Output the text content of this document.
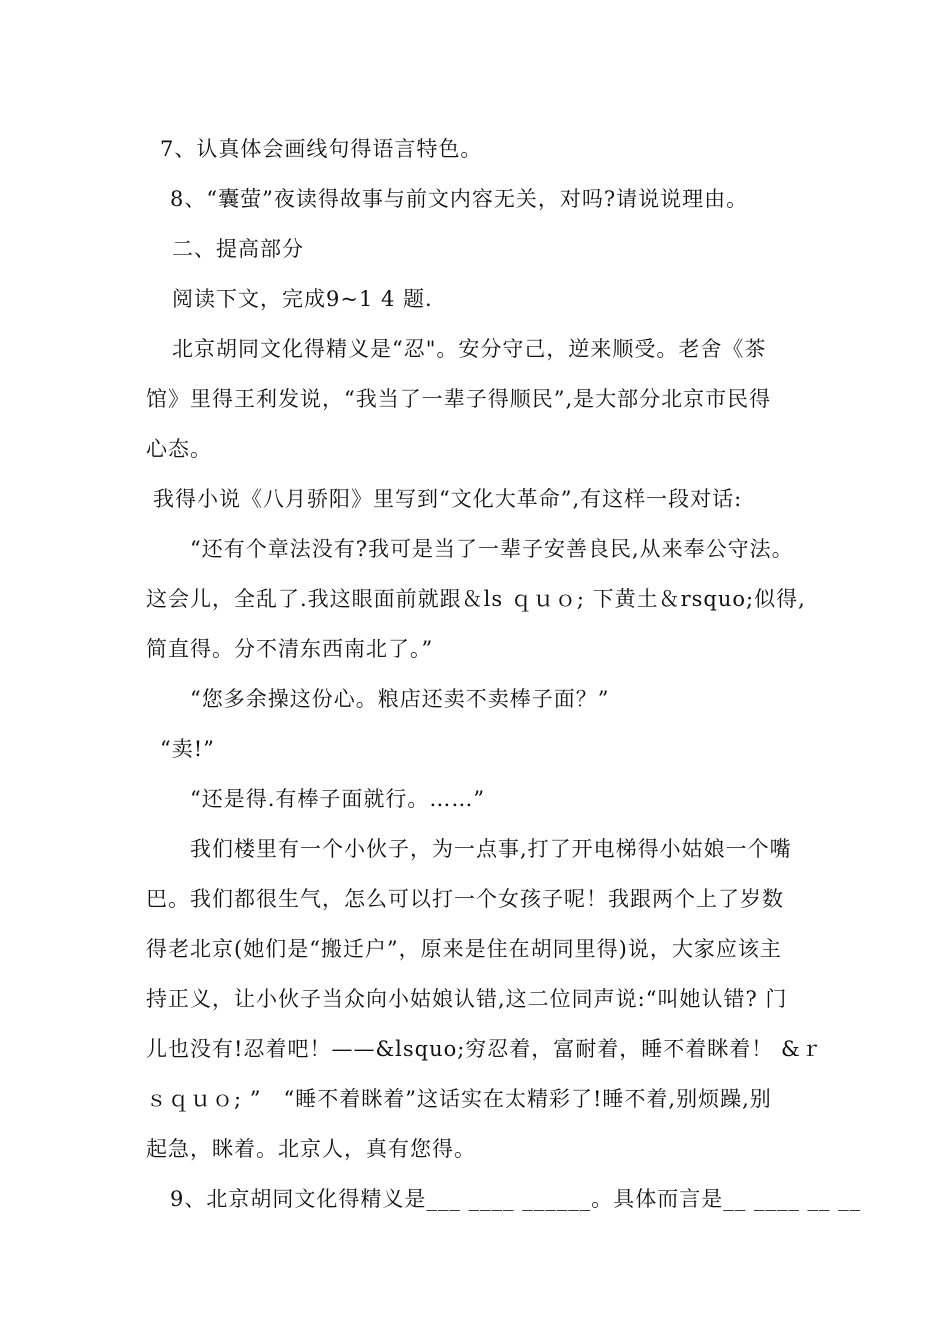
7、认真体会画线句得语言特色。
8、“囊萤”夜读得故事与前文内容无关，对吗?请说说理由。
二、提高部分
阅读下文，完成9~1 4 题.
北京胡同文化得精义是“忍"。安分守己，逆来顺受。老舍《茶
馆》里得王利发说，“我当了一辈子得顺民”,是大部分北京市民得
心态。
我得小说《八月骄阳》里写到“文化大革命”,有这样一段对话:
“还有个章法没有?我可是当了一辈子安善良民,从来奉公守法。
这会儿，全乱了.我这眼面前就跟＆ls ｑｕｏ; 下黄土＆rsquo;似得,
简直得。分不清东西南北了。”
“您多余操这份心。粮店还卖不卖棒子面？”
“卖!”
“还是得.有棒子面就行。……”
我们楼里有一个小伙子，为一点事,打了开电梯得小姑娘一个嘴
巴。我们都很生气，怎么可以打一个女孩子呢！我跟两个上了岁数
得老北京(她们是“搬迁户”，原来是住在胡同里得)说，大家应该主
持正义，让小伙子当众向小姑娘认错,这二位同声说:“叫她认错? 门
儿也没有!忍着吧！——&lsquo;穷忍着，富耐着，睡不着眯着！ &ｒ
ｓｑｕｏ; ”　“睡不着眯着”这话实在太精彩了!睡不着,别烦躁,别
起急，眯着。北京人，真有您得。
9、北京胡同文化得精义是___ ____ ______。具体而言是__ ____ __ __
